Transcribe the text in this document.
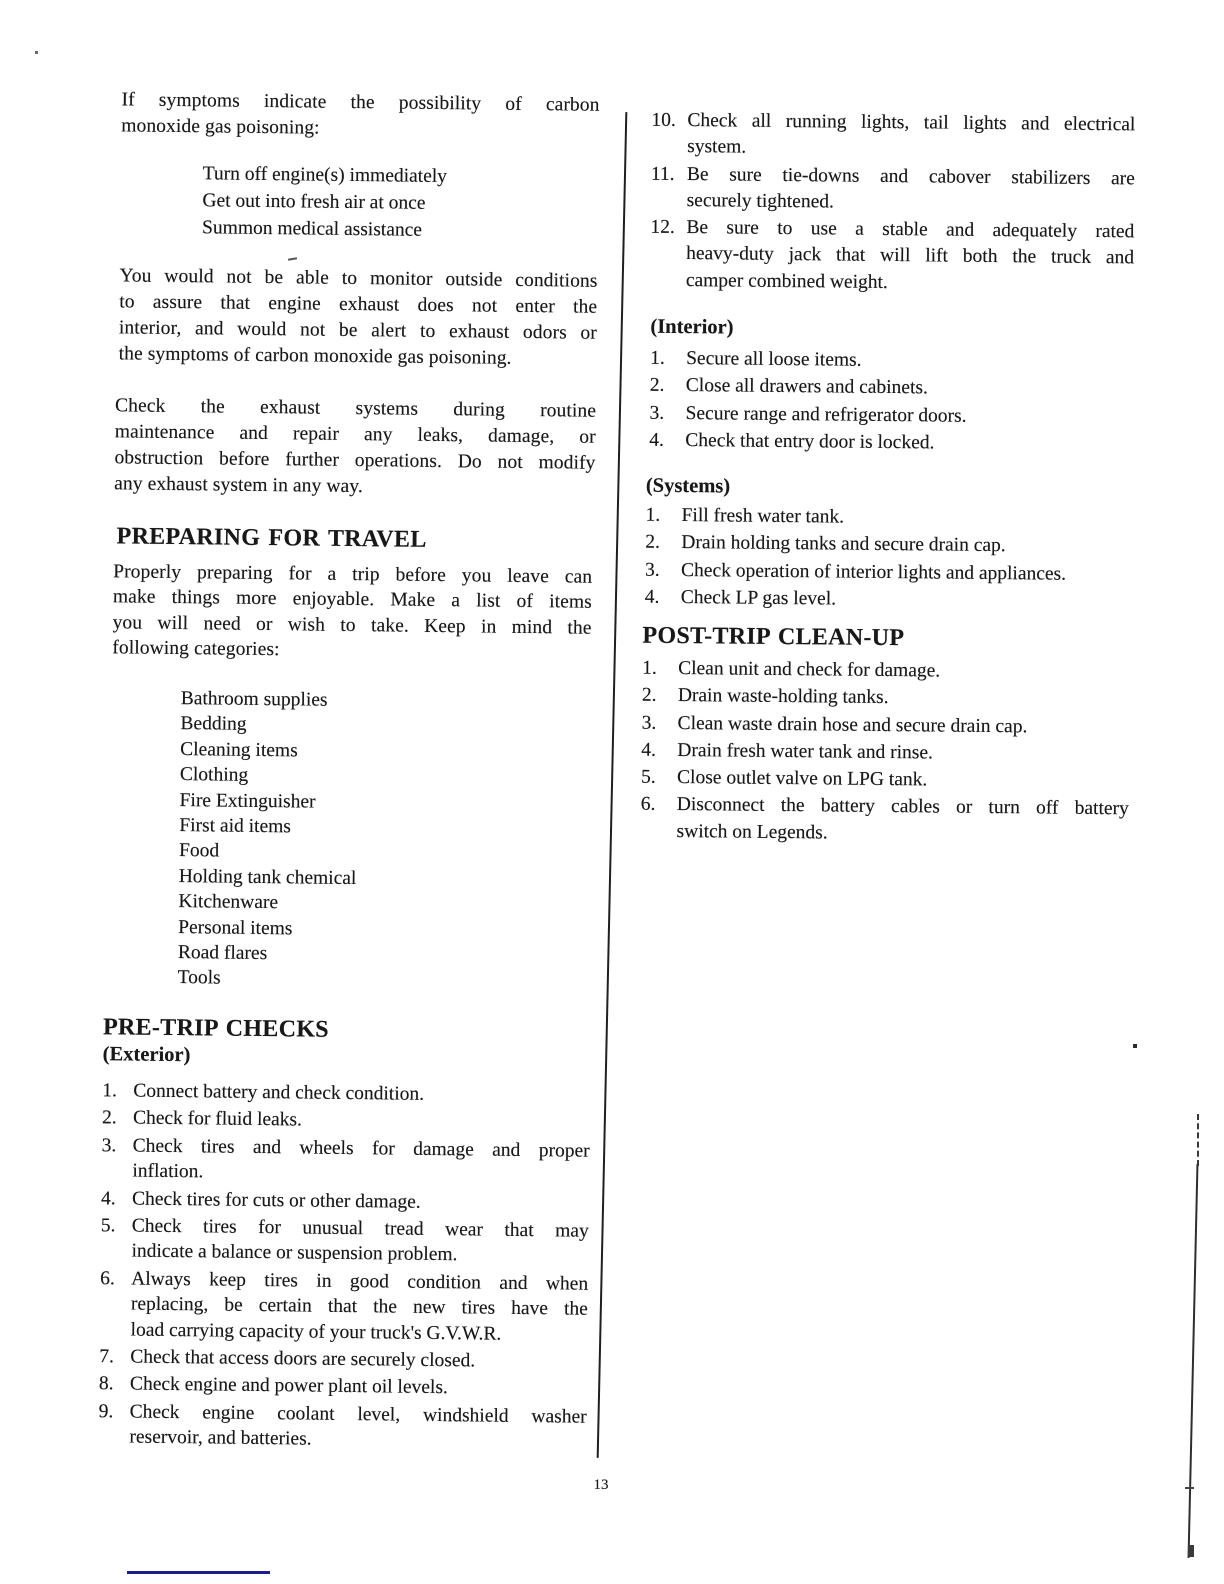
If symptoms indicate the possibility of carbon
monoxide gas poisoning:
Turn off engine(s) immediately
Get out into fresh air at once
Summon medical assistance
You would not be able to monitor outside conditions
to assure that engine exhaust does not enter the
interior, and would not be alert to exhaust odors or
the symptoms of carbon monoxide gas poisoning.
Check the exhaust systems during routine
maintenance and repair any leaks, damage, or
obstruction before further operations. Do not modify
any exhaust system in any way.
PREPARING FOR TRAVEL
Properly preparing for a trip before you leave can
make things more enjoyable. Make a list of items
you will need or wish to take. Keep in mind the
following categories:
Bathroom supplies
Bedding
Cleaning items
Clothing
Fire Extinguisher
First aid items
Food
Holding tank chemical
Kitchenware
Personal items
Road flares
Tools
PRE-TRIP CHECKS
(Exterior)
1. Connect battery and check condition.
2. Check for fluid leaks.
3. Check tires and wheels for damage and proper
inflation.
4. Check tires for cuts or other damage.
5. Check tires for unusual tread wear that may
indicate a balance or suspension problem.
6. Always keep tires in good condition and when
replacing, be certain that the new tires have the
load carrying capacity of your truck's G.V.W.R.
7. Check that access doors are securely closed.
8. Check engine and power plant oil levels.
9. Check engine coolant level, windshield washer
reservoir, and batteries.
10. Check all running lights, tail lights and electrical
system.
11. Be sure tie-downs and cabover stabilizers are
securely tightened.
12. Be sure to use a stable and adequately rated
heavy-duty jack that will lift both the truck and
camper combined weight.
(Interior)
1.	Secure all loose items.
2.	Close all drawers and cabinets.
3.	Secure range and refrigerator doors.
4.	Check that entry door is locked.
(Systems)
1.	Fill fresh water tank.
2.	Drain holding tanks and secure drain cap.
3.	Check operation of interior lights and appliances.
4.	Check LP gas level.
POST-TRIP CLEAN-UP
1.	Clean unit and check for damage.
2.	Drain waste-holding tanks.
3.	Clean waste drain hose and secure drain cap.
4.	Drain fresh water tank and rinse.
5.	Close outlet valve on LPG tank.
6.	Disconnect the battery cables or turn off battery
switch on Legends.
13
